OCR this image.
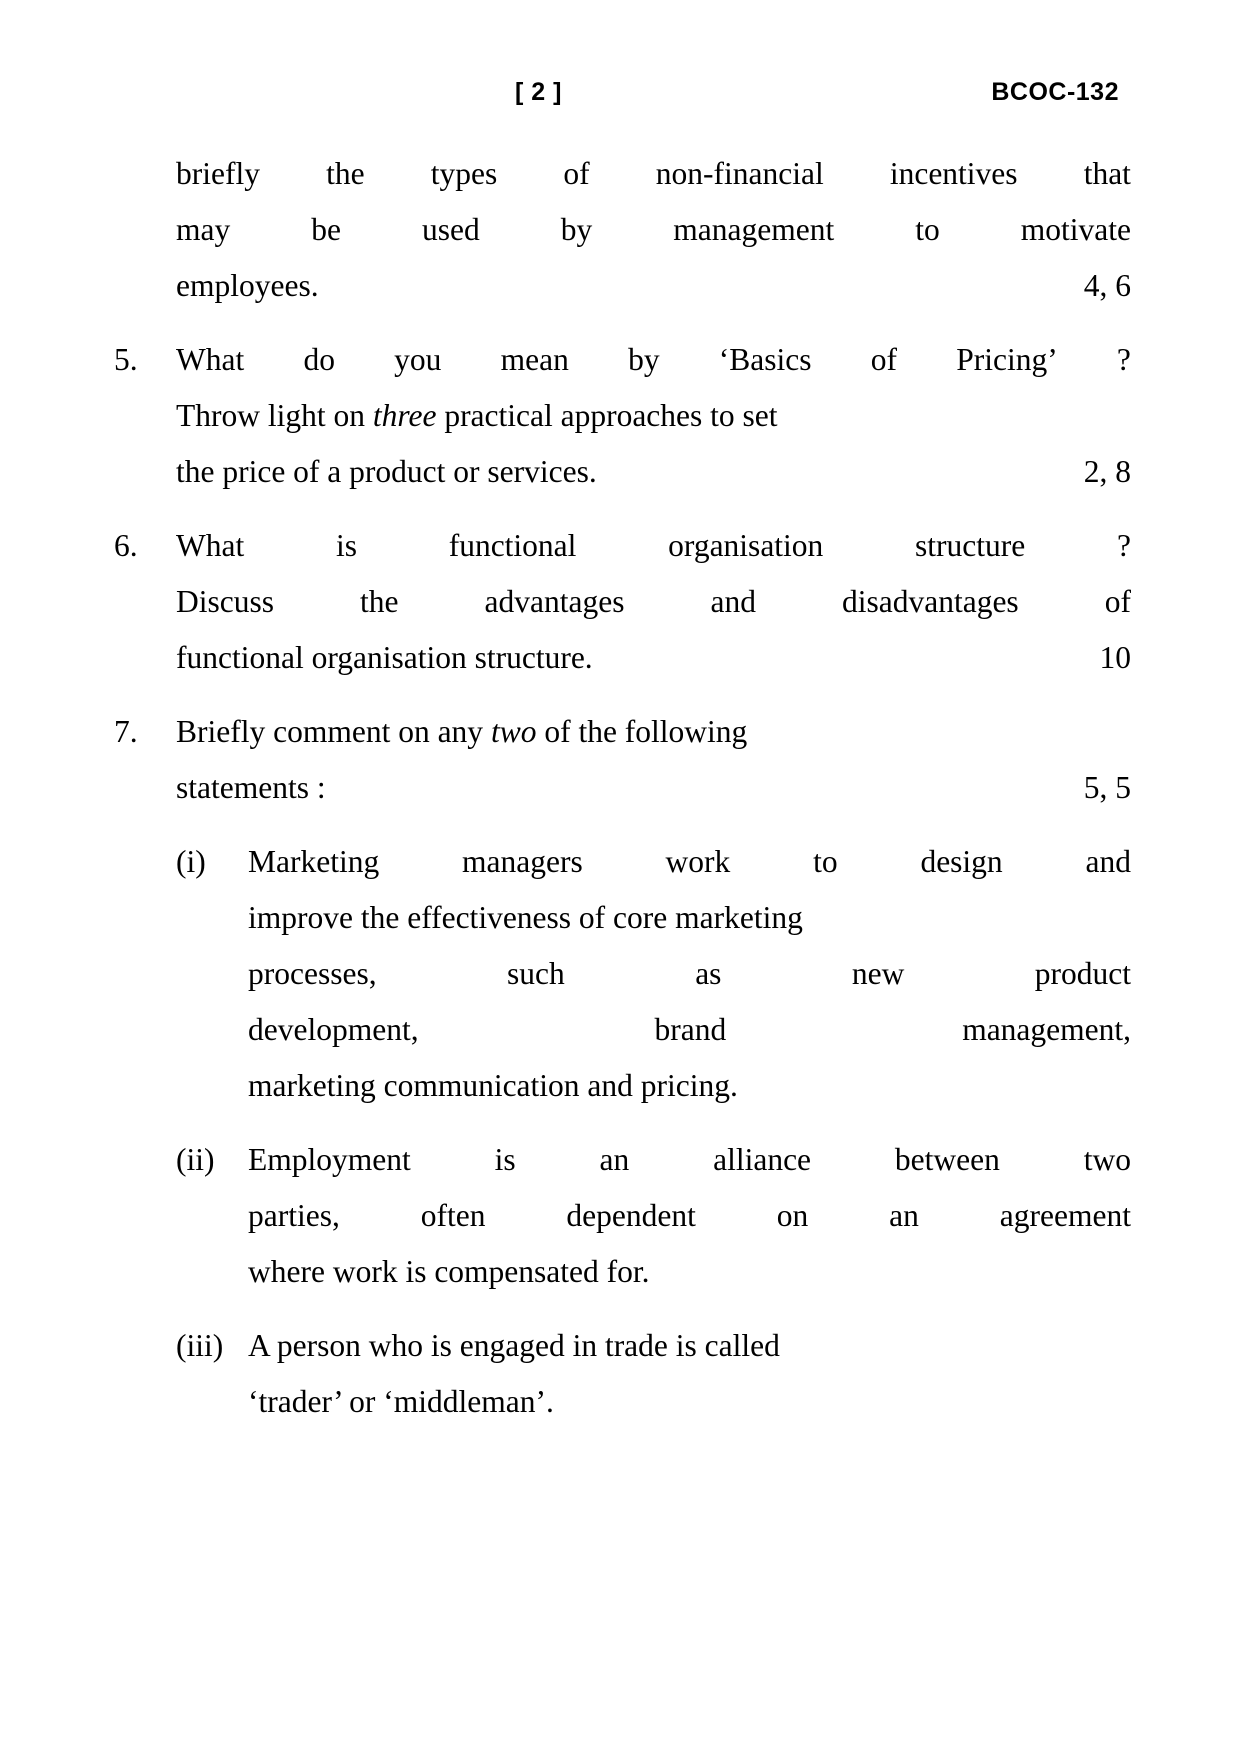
[ 2 ]	BCOC-132
briefly the types of non-financial incentives that
may	be	used	by	management	to	motivate
employees.	4, 6
5.	What do you mean by ‘Basics of Pricing’ ?
Throw light on three practical approaches to set
the price of a product or services.	2, 8
6.	What	is	functional	organisation	structure	?
Discuss	the	advantages	and	disadvantages	of
functional organisation structure.	10
7.	Briefly comment on any two of the following
statements :	5, 5
(i)	Marketing	managers	work	to	design	and
improve the effectiveness of core marketing
processes,	such	as	new	product
development,	brand	management,
marketing communication and pricing.
(ii)	Employment	is	an	alliance	between	two
parties,	often	dependent	on	an	agreement
where work is compensated for.
(iii) A person who is engaged in trade is called
‘trader’ or ‘middleman’.
